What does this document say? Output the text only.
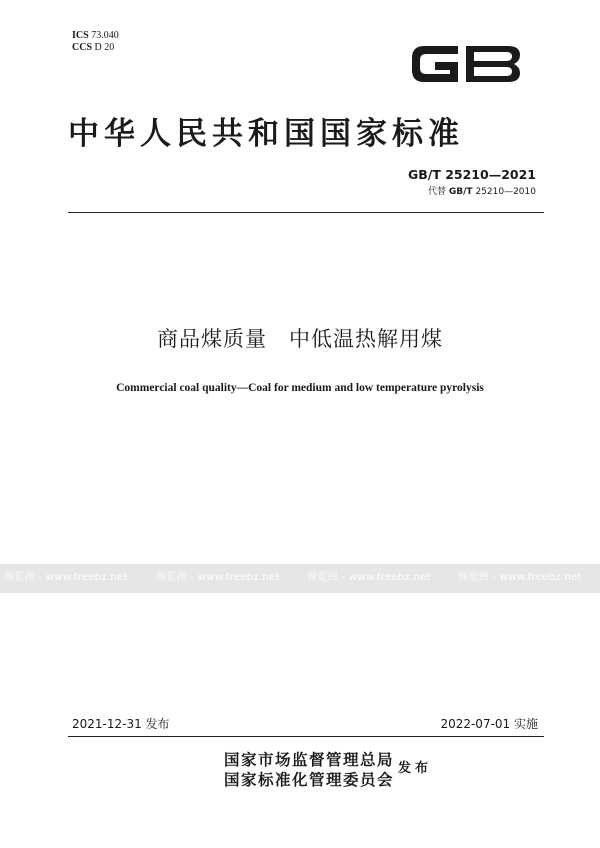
ICS 73.040
CCS D 20
中华人民共和国国家标准
GB/T 25210—2021
代替 GB/T 25210—2010
商品煤质量　中低温热解用煤
Commercial coal quality—Coal for medium and low temperature pyrolysis
预览图 - www.freebz.net	预览图 - www.freebz.net	预览图 - www.freebz.net	预览图 - www.freebz.net
2021-12-31 发布	2022-07-01 实施
国家市场监督管理总局
国家标准化管理委员会
发布
